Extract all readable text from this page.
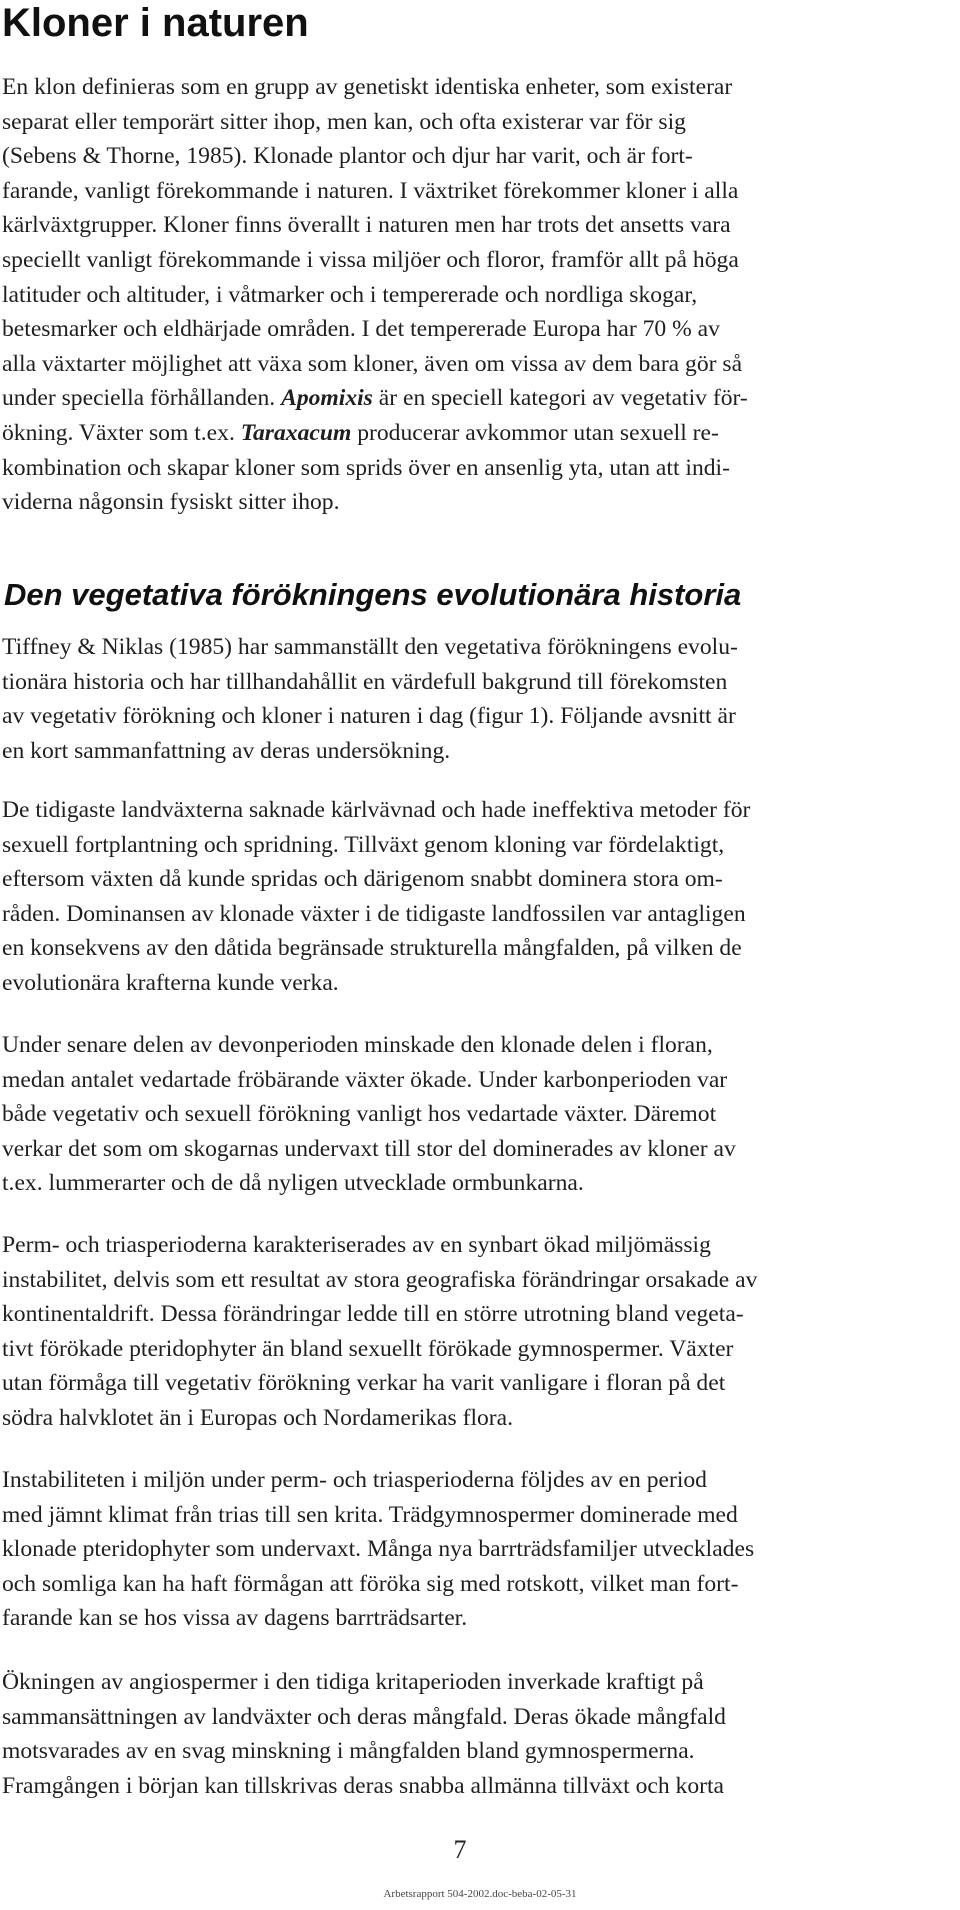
Kloner i naturen

En klon definieras som en grupp av genetiskt identiska enheter, som existerar
separat eller temporärt sitter ihop, men kan, och ofta existerar var för sig
(Sebens & Thorne, 1985). Klonade plantor och djur har varit, och är fort-
farande, vanligt förekommande i naturen. I växtriket förekommer kloner i alla
kärlväxtgrupper. Kloner finns överallt i naturen men har trots det ansetts vara
speciellt vanligt förekommande i vissa miljöer och floror, framför allt på höga
latituder och altituder, i våtmarker och i tempererade och nordliga skogar,
betesmarker och eldhärjade områden. I det tempererade Europa har 70 % av
alla växtarter möjlighet att växa som kloner, även om vissa av dem bara gör så
under speciella förhållanden. Apomixis är en speciell kategori av vegetativ för-
ökning. Växter som t.ex. Taraxacum producerar avkommor utan sexuell re-
kombination och skapar kloner som sprids över en ansenlig yta, utan att indi-
viderna någonsin fysiskt sitter ihop.

Den vegetativa förökningens evolutionära historia

Tiffney & Niklas (1985) har sammanställt den vegetativa förökningens evolu-
tionära historia och har tillhandahållit en värdefull bakgrund till förekomsten
av vegetativ förökning och kloner i naturen i dag (figur 1). Följande avsnitt är
en kort sammanfattning av deras undersökning.

De tidigaste landväxterna saknade kärlvävnad och hade ineffektiva metoder för
sexuell fortplantning och spridning. Tillväxt genom kloning var fördelaktigt,
eftersom växten då kunde spridas och därigenom snabbt dominera stora om-
råden. Dominansen av klonade växter i de tidigaste landfossilen var antagligen
en konsekvens av den dåtida begränsade strukturella mångfalden, på vilken de
evolutionära krafterna kunde verka.

Under senare delen av devonperioden minskade den klonade delen i floran,
medan antalet vedartade fröbärande växter ökade. Under karbonperioden var
både vegetativ och sexuell förökning vanligt hos vedartade växter. Däremot
verkar det som om skogarnas undervaxt till stor del dominerades av kloner av
t.ex. lummerarter och de då nyligen utvecklade ormbunkarna.

Perm- och triasperioderna karakteriserades av en synbart ökad miljömässig
instabilitet, delvis som ett resultat av stora geografiska förändringar orsakade av
kontinentaldrift. Dessa förändringar ledde till en större utrotning bland vegeta-
tivt förökade pteridophyter än bland sexuellt förökade gymnospermer. Växter
utan förmåga till vegetativ förökning verkar ha varit vanligare i floran på det
södra halvklotet än i Europas och Nordamerikas flora.

Instabiliteten i miljön under perm- och triasperioderna följdes av en period
med jämnt klimat från trias till sen krita. Trädgymnospermer dominerade med
klonade pteridophyter som undervaxt. Många nya barrträdsfamiljer utvecklades
och somliga kan ha haft förmågan att föröka sig med rotskott, vilket man fort-
farande kan se hos vissa av dagens barrträdsarter.

Ökningen av angiospermer i den tidiga kritaperioden inverkade kraftigt på
sammansättningen av landväxter och deras mångfald. Deras ökade mångfald
motsvarades av en svag minskning i mångfalden bland gymnospermerna.
Framgången i början kan tillskrivas deras snabba allmänna tillväxt och korta

7
Arbetsrapport 504-2002.doc-beba-02-05-31
